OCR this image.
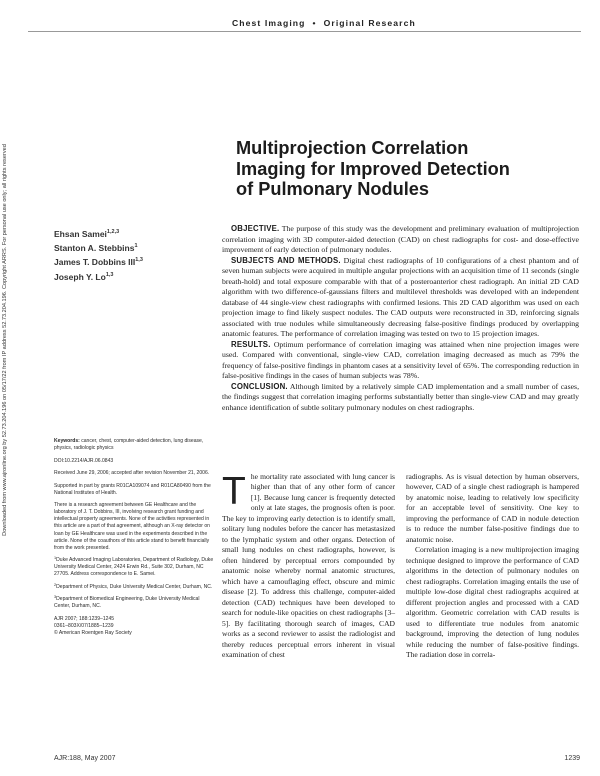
Downloaded from www.ajronline.org by 52.73.204.196 on 05/17/22 from IP address 52.73.204.196. Copyright ARRS. For personal use only; all rights reserved
Chest Imaging • Original Research
Multiprojection Correlation
Imaging for Improved Detection
of Pulmonary Nodules
Ehsan Samei$^{1,2,3}$
Stanton A. Stebbins$^1$
James T. Dobbins III$^{1,3}$
Joseph Y. Lo$^{1,3}$

OBJECTIVE. The purpose of this study was the development and preliminary evaluation of multiprojection correlation imaging with 3D computer-aided detection (CAD) on chest radiographs for cost- and dose-effective improvement of early detection of pulmonary nodules.

SUBJECTS AND METHODS. Digital chest radiographs of 10 configurations of a chest phantom and of seven human subjects were acquired in multiple angular projections with an acquisition time of 11 seconds (single breath-hold) and total exposure comparable with that of a posteroanterior chest radiograph. An initial 2D CAD algorithm with two difference-of-gaussians filters and multilevel thresholds was developed with an independent database of 44 single-view chest radiographs with confirmed lesions. This 2D CAD algorithm was used on each projection image to find likely suspect nodules. The CAD outputs were reconstructed in 3D, reinforcing signals associated with true nodules while simultaneously decreasing false-positive findings produced by overlapping anatomic features. The performance of correlation imaging was tested on two to 15 projection images.

RESULTS. Optimum performance of correlation imaging was attained when nine projection images were used. Compared with conventional, single-view CAD, correlation imaging decreased as much as 79% the frequency of false-positive findings in phantom cases at a sensitivity level of 65%. The corresponding reduction in false-positive findings in the cases of human subjects was 78%.

CONCLUSION. Although limited by a relatively simple CAD implementation and a small number of cases, the findings suggest that correlation imaging performs substantially better than single-view CAD and may greatly enhance identification of subtle solitary pulmonary nodules on chest radiographs.

Keywords: cancer, chest, computer-aided detection, lung disease, physics, radiologic physics

DOI:10.2214/AJR.06.0843

Received June 29, 2006; accepted after revision November 21, 2006.

Supported in part by grants R01CA109074 and R01CA80490 from the National Institutes of Health.

There is a research agreement between GE Healthcare and the laboratory of J. T. Dobbins, III, involving research grant funding and intellectual property agreements. None of the activities represented in this article are a part of that agreement, although an X-ray detector on loan by GE Healthcare was used in the experiments described in the article. None of the coauthors of this article stand to benefit financially from the work presented.

$^1$Duke Advanced Imaging Laboratories, Department of Radiology, Duke University Medical Center, 2424 Erwin Rd., Suite 302, Durham, NC 27705. Address correspondence to E. Samei.

$^2$Department of Physics, Duke University Medical Center, Durham, NC.

$^3$Department of Biomedical Engineering, Duke University Medical Center, Durham, NC.

AJR 2007; 188:1239–1245

0361–803X/07/1885–1239

© American Roentgen Ray Society

The mortality rate associated with lung cancer is higher than that of any other form of cancer [1]. Because lung cancer is frequently detected only at late stages, the prognosis often is poor. The key to improving early detection is to identify small, solitary lung nodules before the cancer has metastasized to the lymphatic system and other organs. Detection of small lung nodules on chest radiographs, however, is often hindered by perceptual errors compounded by anatomic noise whereby normal anatomic structures, which have a camouflaging effect, obscure and mimic disease [2]. To address this challenge, computer-aided detection (CAD) techniques have been developed to search for nodule-like opacities on chest radiographs [3–5]. By facilitating thorough search of images, CAD works as a second reviewer to assist the radiologist and thereby reduces perceptual errors inherent in visual examination of chest

radiographs. As is visual detection by human observers, however, CAD of a single chest radiograph is hampered by anatomic noise, leading to relatively low specificity for an acceptable level of sensitivity. One key to improving the performance of CAD in nodule detection is to reduce the number false-positive findings due to anatomic noise.

Correlation imaging is a new multiprojection imaging technique designed to improve the performance of CAD algorithms in the detection of pulmonary nodules on chest radiographs. Correlation imaging entails the use of multiple low-dose digital chest radiographs acquired at different projection angles and processed with a CAD algorithm. Geometric correlation with CAD results is used to differentiate true nodules from anatomic background, improving the detection of lung nodules while reducing the number of false-positive findings. The radiation dose in correla-

AJR:188, May 2007	1239
